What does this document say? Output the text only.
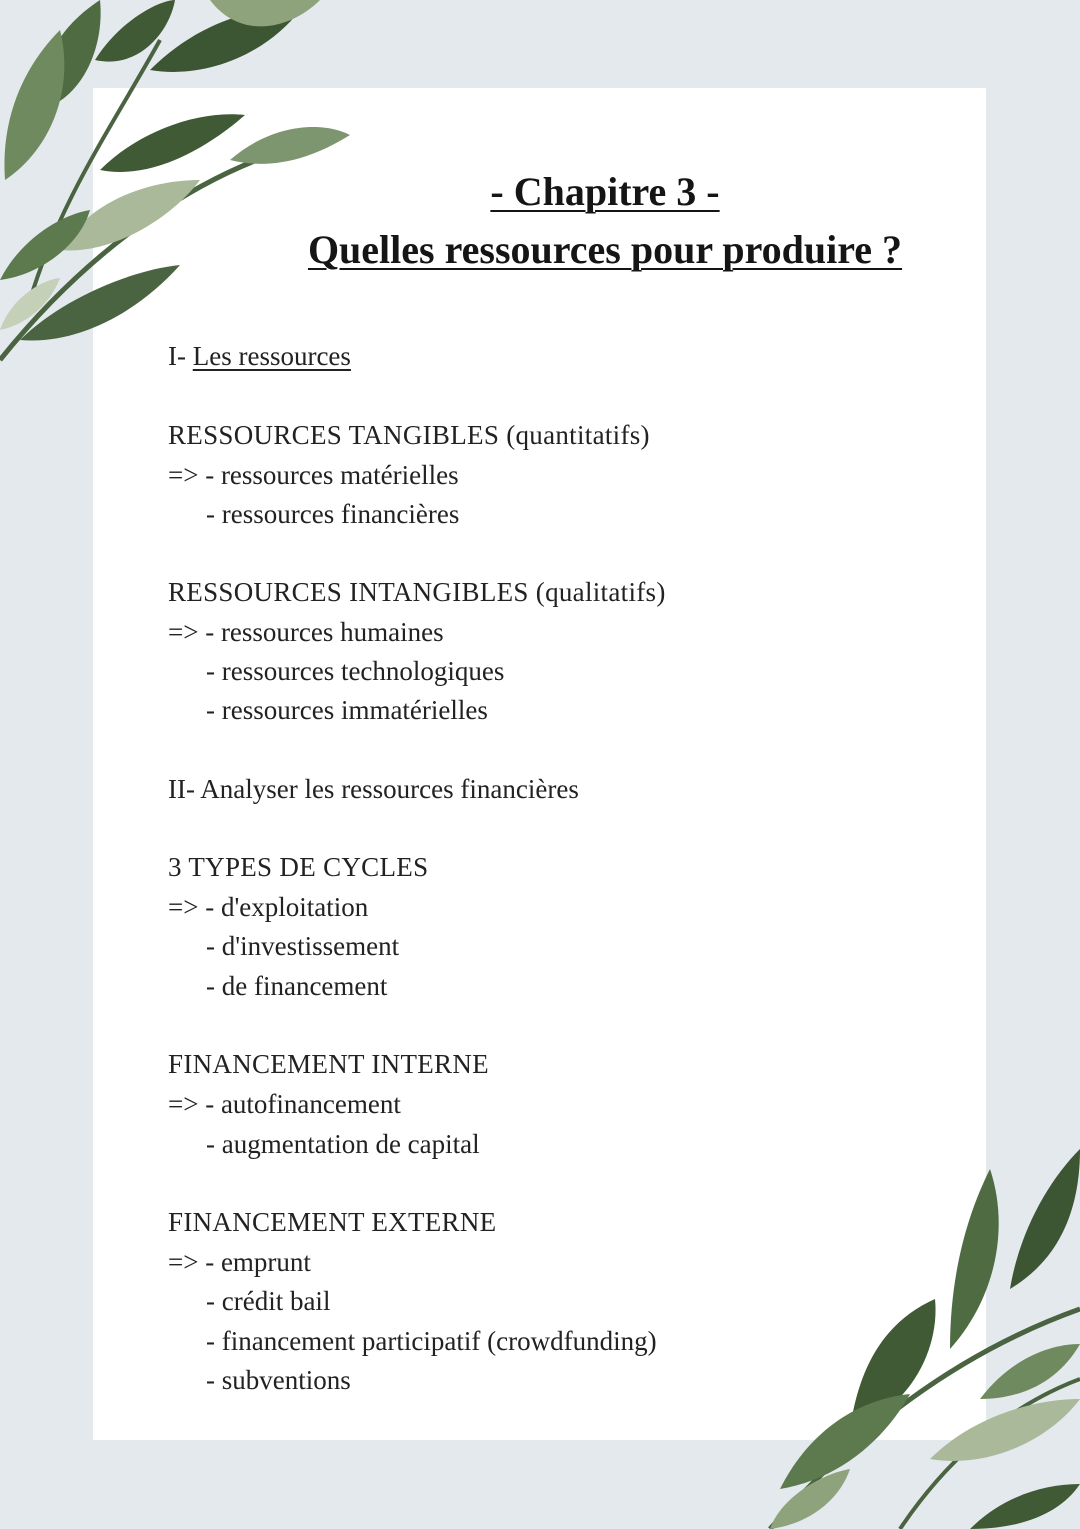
- Chapitre 3 -
Quelles ressources pour produire ?

I- Les ressources

RESSOURCES TANGIBLES (quantitatifs)

=> - ressources matérielles

- ressources financières

RESSOURCES INTANGIBLES (qualitatifs)

=> - ressources humaines

- ressources technologiques

- ressources immatérielles

II- Analyser les ressources financières

3 TYPES DE CYCLES

=> - d'exploitation

- d'investissement

- de financement

FINANCEMENT INTERNE

=> - autofinancement

- augmentation de capital

FINANCEMENT EXTERNE

=> - emprunt

- crédit bail

- financement participatif (crowdfunding)

- subventions
